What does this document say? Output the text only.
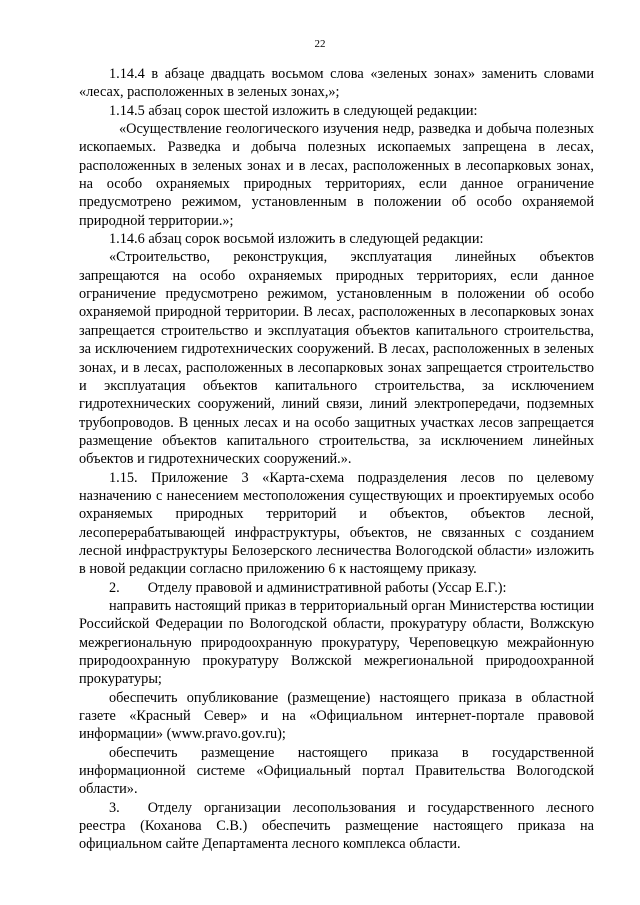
22

1.14.4 в абзаце двадцать восьмом слова «зеленых зонах» заменить словами «лесах, расположенных в зеленых зонах,»;

1.14.5 абзац сорок шестой изложить в следующей редакции:

«Осуществление геологического изучения недр, разведка и добыча полезных ископаемых. Разведка и добыча полезных ископаемых запрещена в лесах, расположенных в зеленых зонах и в лесах, расположенных в лесопарковых зонах, на особо охраняемых природных территориях, если данное ограничение предусмотрено режимом, установленным в положении об особо охраняемой природной территории.»;

1.14.6 абзац сорок восьмой изложить в следующей редакции:

«Строительство, реконструкция, эксплуатация линейных объектов запрещаются на особо охраняемых природных территориях, если данное ограничение предусмотрено режимом, установленным в положении об особо охраняемой природной территории. В лесах, расположенных в лесопарковых зонах запрещается строительство и эксплуатация объектов капитального строительства, за исключением гидротехнических сооружений. В лесах, расположенных в зеленых зонах, и в лесах, расположенных в лесопарковых зонах запрещается строительство и эксплуатация объектов капитального строительства, за исключением гидротехнических сооружений, линий связи, линий электропередачи, подземных трубопроводов. В ценных лесах и на особо защитных участках лесов запрещается размещение объектов капитального строительства, за исключением линейных объектов и гидротехнических сооружений.».

1.15. Приложение 3 «Карта-схема подразделения лесов по целевому назначению с нанесением местоположения существующих и проектируемых особо охраняемых природных территорий и объектов, объектов лесной, лесоперерабатывающей инфраструктуры, объектов, не связанных с созданием лесной инфраструктуры Белозерского лесничества Вологодской области» изложить в новой редакции согласно приложению 6 к настоящему приказу.

2. Отделу правовой и административной работы (Уссар Е.Г.):

направить настоящий приказ в территориальный орган Министерства юстиции Российской Федерации по Вологодской области, прокуратуру области, Волжскую межрегиональную природоохранную прокуратуру, Череповецкую межрайонную природоохранную прокуратуру Волжской межрегиональной природоохранной прокуратуры;

обеспечить опубликование (размещение) настоящего приказа в областной газете «Красный Север» и на «Официальном интернет-портале правовой информации» (www.pravo.gov.ru);

обеспечить размещение настоящего приказа в государственной информационной системе «Официальный портал Правительства Вологодской области».

3. Отделу организации лесопользования и государственного лесного реестра (Коханова С.В.) обеспечить размещение настоящего приказа на официальном сайте Департамента лесного комплекса области.
